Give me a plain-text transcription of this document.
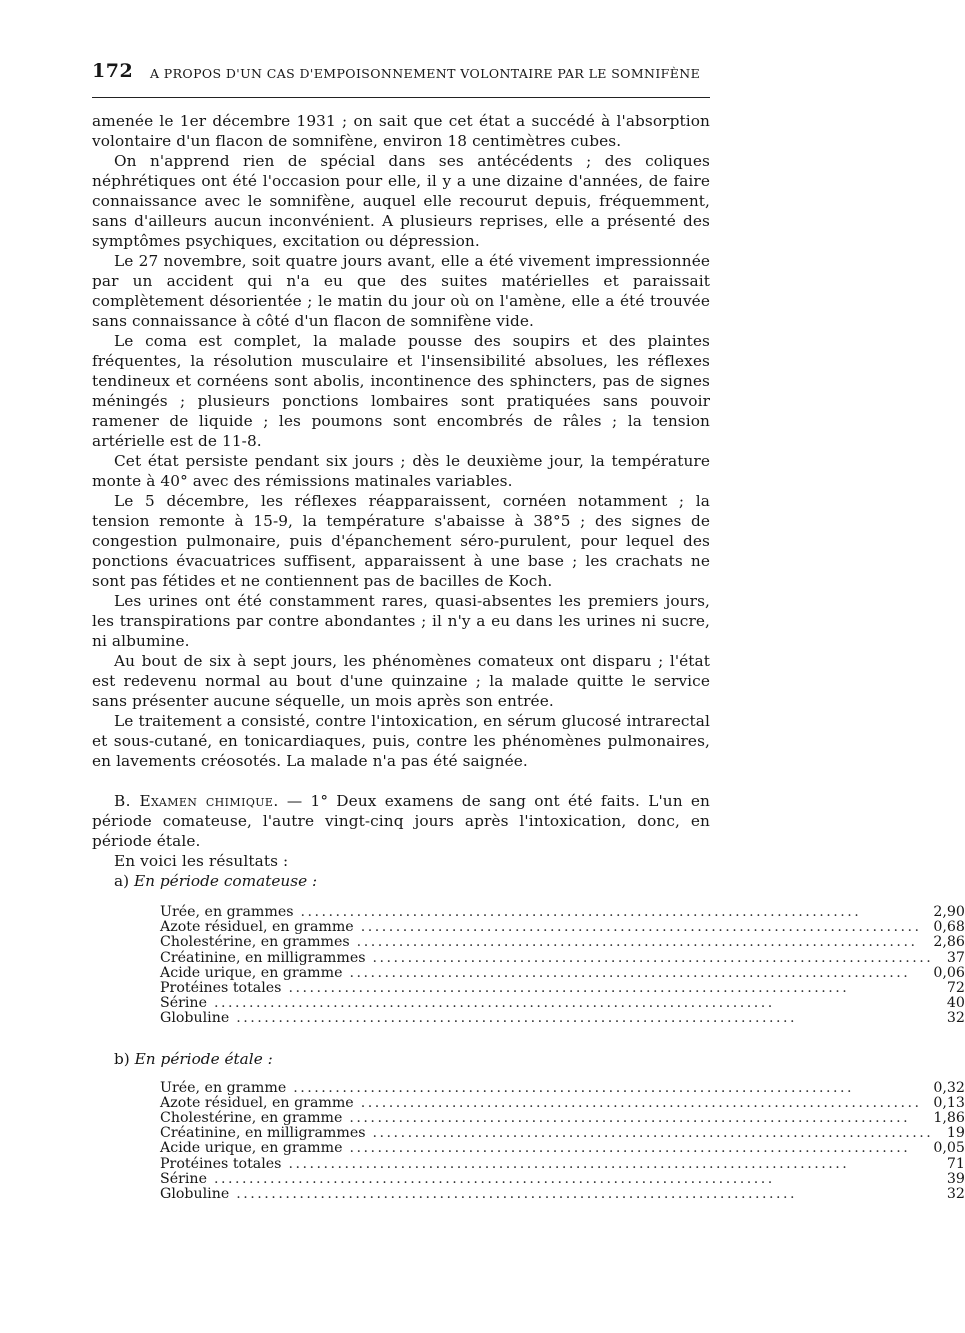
172 A PROPOS D'UN CAS D'EMPOISONNEMENT VOLONTAIRE PAR LE SOMNIFÈNE

amenée le 1er décembre 1931 ; on sait que cet état a succédé à l'absorption volontaire d'un flacon de somnifène, environ 18 centimètres cubes.

On n'apprend rien de spécial dans ses antécédents ; des coliques néphrétiques ont été l'occasion pour elle, il y a une dizaine d'années, de faire connaissance avec le somnifène, auquel elle recourut depuis, fréquemment, sans d'ailleurs aucun inconvénient. A plusieurs reprises, elle a présenté des symptômes psychiques, excitation ou dépression.

Le 27 novembre, soit quatre jours avant, elle a été vivement impressionnée par un accident qui n'a eu que des suites matérielles et paraissait complètement désorientée ; le matin du jour où on l'amène, elle a été trouvée sans connaissance à côté d'un flacon de somnifène vide.

Le coma est complet, la malade pousse des soupirs et des plaintes fréquentes, la résolution musculaire et l'insensibilité absolues, les réflexes tendineux et cornéens sont abolis, incontinence des sphincters, pas de signes méningés ; plusieurs ponctions lombaires sont pratiquées sans pouvoir ramener de liquide ; les poumons sont encombrés de râles ; la tension artérielle est de 11-8.

Cet état persiste pendant six jours ; dès le deuxième jour, la température monte à 40° avec des rémissions matinales variables.

Le 5 décembre, les réflexes réapparaissent, cornéen notamment ; la tension remonte à 15-9, la température s'abaisse à 38°5 ; des signes de congestion pulmonaire, puis d'épanchement séro-purulent, pour lequel des ponctions évacuatrices suffisent, apparaissent à une base ; les crachats ne sont pas fétides et ne contiennent pas de bacilles de Koch.

Les urines ont été constamment rares, quasi-absentes les premiers jours, les transpirations par contre abondantes ; il n'y a eu dans les urines ni sucre, ni albumine.

Au bout de six à sept jours, les phénomènes comateux ont disparu ; l'état est redevenu normal au bout d'une quinzaine ; la malade quitte le service sans présenter aucune séquelle, un mois après son entrée.

Le traitement a consisté, contre l'intoxication, en sérum glucosé intrarectal et sous-cutané, en tonicardiaques, puis, contre les phénomènes pulmonaires, en lavements créosotés. La malade n'a pas été saignée.

B. Examen chimique. — 1° Deux examens de sang ont été faits. L'un en période comateuse, l'autre vingt-cinq jours après l'intoxication, donc, en période étale.

En voici les résultats :

a) En période comateuse :
Urée, en grammes ................................................................................	2,90
Azote résiduel, en gramme ................................................................................	0,68
Cholestérine, en grammes ................................................................................	2,86
Créatinine, en milligrammes ................................................................................	37
Acide urique, en gramme ................................................................................	0,06
Protéines totales ................................................................................	72
Sérine ................................................................................	40
Globuline ................................................................................	32
b) En période étale :
Urée, en gramme ................................................................................	0,32
Azote résiduel, en gramme ................................................................................	0,13
Cholestérine, en gramme ................................................................................	1,86
Créatinine, en milligrammes ................................................................................	19
Acide urique, en gramme ................................................................................	0,05
Protéines totales ................................................................................	71
Sérine ................................................................................	39
Globuline ................................................................................	32
